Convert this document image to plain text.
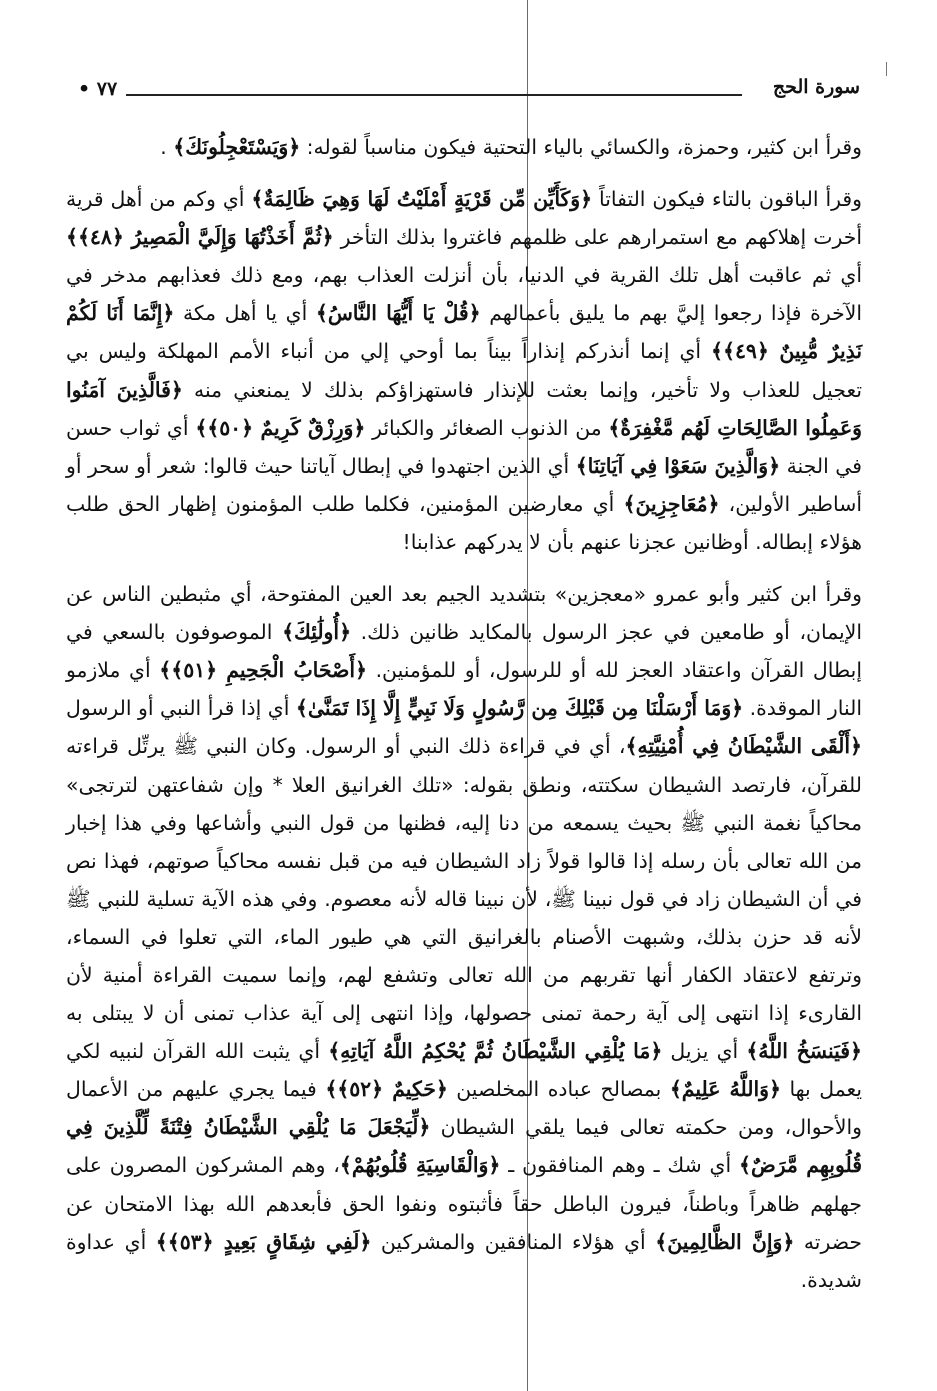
• ٧٧	سورة الحج

وقرأ ابن كثير، وحمزة، والكسائي بالياء التحتية فيكون مناسباً لقوله: ﴿وَيَسْتَعْجِلُونَكَ﴾ .

وقرأ الباقون بالتاء فيكون التفاتاً ﴿وَكَأَيِّن مِّن قَرْيَةٍ أَمْلَيْتُ لَهَا وَهِيَ ظَالِمَةٌ﴾ أي وكم من أهل قرية أخرت إهلاكهم مع استمرارهم على ظلمهم فاغتروا بذلك التأخر ﴿ثُمَّ أَخَذْتُهَا وَإِلَيَّ الْمَصِيرُ ﴿٤٨﴾﴾ أي ثم عاقبت أهل تلك القرية في الدنيا، بأن أنزلت العذاب بهم، ومع ذلك فعذابهم مدخر في الآخرة فإذا رجعوا إليَّ بهم ما يليق بأعمالهم ﴿قُلْ يَا أَيُّهَا النَّاسُ﴾ أي يا أهل مكة ﴿إِنَّمَا أَنَا لَكُمْ نَذِيرٌ مُّبِينٌ ﴿٤٩﴾﴾ أي إنما أنذركم إنذاراً بيناً بما أوحي إلي من أنباء الأمم المهلكة وليس بي تعجيل للعذاب ولا تأخير، وإنما بعثت للإنذار فاستهزاؤكم بذلك لا يمنعني منه ﴿فَالَّذِينَ آمَنُوا وَعَمِلُوا الصَّالِحَاتِ لَهُم مَّغْفِرَةٌ﴾ من الذنوب الصغائر والكبائر ﴿وَرِزْقٌ كَرِيمٌ ﴿٥٠﴾﴾ أي ثواب حسن في الجنة ﴿وَالَّذِينَ سَعَوْا فِي آيَاتِنَا﴾ أي الذين اجتهدوا في إبطال آياتنا حيث قالوا: شعر أو سحر أو أساطير الأولين، ﴿مُعَاجِزِينَ﴾ أي معارضين المؤمنين، فكلما طلب المؤمنون إظهار الحق طلب هؤلاء إبطاله. أوظانين عجزنا عنهم بأن لا يدركهم عذابنا!

وقرأ ابن كثير وأبو عمرو «معجزين» بتشديد الجيم بعد العين المفتوحة، أي مثبطين الناس عن الإيمان، أو طامعين في عجز الرسول بالمكايد ظانين ذلك. ﴿أُولَٰئِكَ﴾ الموصوفون بالسعي في إبطال القرآن واعتقاد العجز لله أو للرسول، أو للمؤمنين. ﴿أَصْحَابُ الْجَحِيمِ ﴿٥١﴾﴾ أي ملازمو النار الموقدة. ﴿وَمَا أَرْسَلْنَا مِن قَبْلِكَ مِن رَّسُولٍ وَلَا نَبِيٍّ إِلَّا إِذَا تَمَنَّىٰ﴾ أي إذا قرأ النبي أو الرسول ﴿أَلْقَى الشَّيْطَانُ فِي أُمْنِيَّتِهِ﴾، أي في قراءة ذلك النبي أو الرسول. وكان النبي ﷺ يرتِّل قراءته للقرآن، فارتصد الشيطان سكتته، ونطق بقوله: «تلك الغرانيق العلا * وإن شفاعتهن لترتجى» محاكياً نغمة النبي ﷺ بحيث يسمعه من دنا إليه، فظنها من قول النبي وأشاعها وفي هذا إخبار من الله تعالى بأن رسله إذا قالوا قولاً زاد الشيطان فيه من قبل نفسه محاكياً صوتهم، فهذا نص في أن الشيطان زاد في قول نبينا ﷺ، لأن نبينا قاله لأنه معصوم. وفي هذه الآية تسلية للنبي ﷺ لأنه قد حزن بذلك، وشبهت الأصنام بالغرانيق التي هي طيور الماء، التي تعلوا في السماء، وترتفع لاعتقاد الكفار أنها تقربهم من الله تعالى وتشفع لهم، وإنما سميت القراءة أمنية لأن القارىء إذا انتهى إلى آية رحمة تمنى حصولها، وإذا انتهى إلى آية عذاب تمنى أن لا يبتلى به ﴿فَيَنسَخُ اللَّهُ﴾ أي يزيل ﴿مَا يُلْقِي الشَّيْطَانُ ثُمَّ يُحْكِمُ اللَّهُ آيَاتِهِ﴾ أي يثبت الله القرآن لنبيه لكي يعمل بها ﴿وَاللَّهُ عَلِيمٌ﴾ بمصالح عباده المخلصين ﴿حَكِيمٌ ﴿٥٢﴾﴾ فيما يجري عليهم من الأعمال والأحوال، ومن حكمته تعالى فيما يلقي الشيطان ﴿لِّيَجْعَلَ مَا يُلْقِي الشَّيْطَانُ فِتْنَةً لِّلَّذِينَ فِي قُلُوبِهِم مَّرَضٌ﴾ أي شك ـ وهم المنافقون ـ ﴿وَالْقَاسِيَةِ قُلُوبُهُمْ﴾، وهم المشركون المصرون على جهلهم ظاهراً وباطناً، فيرون الباطل حقاً فأثبتوه ونفوا الحق فأبعدهم الله بهذا الامتحان عن حضرته ﴿وَإِنَّ الظَّالِمِينَ﴾ أي هؤلاء المنافقين والمشركين ﴿لَفِي شِقَاقٍ بَعِيدٍ ﴿٥٣﴾﴾ أي عداوة شديدة.
